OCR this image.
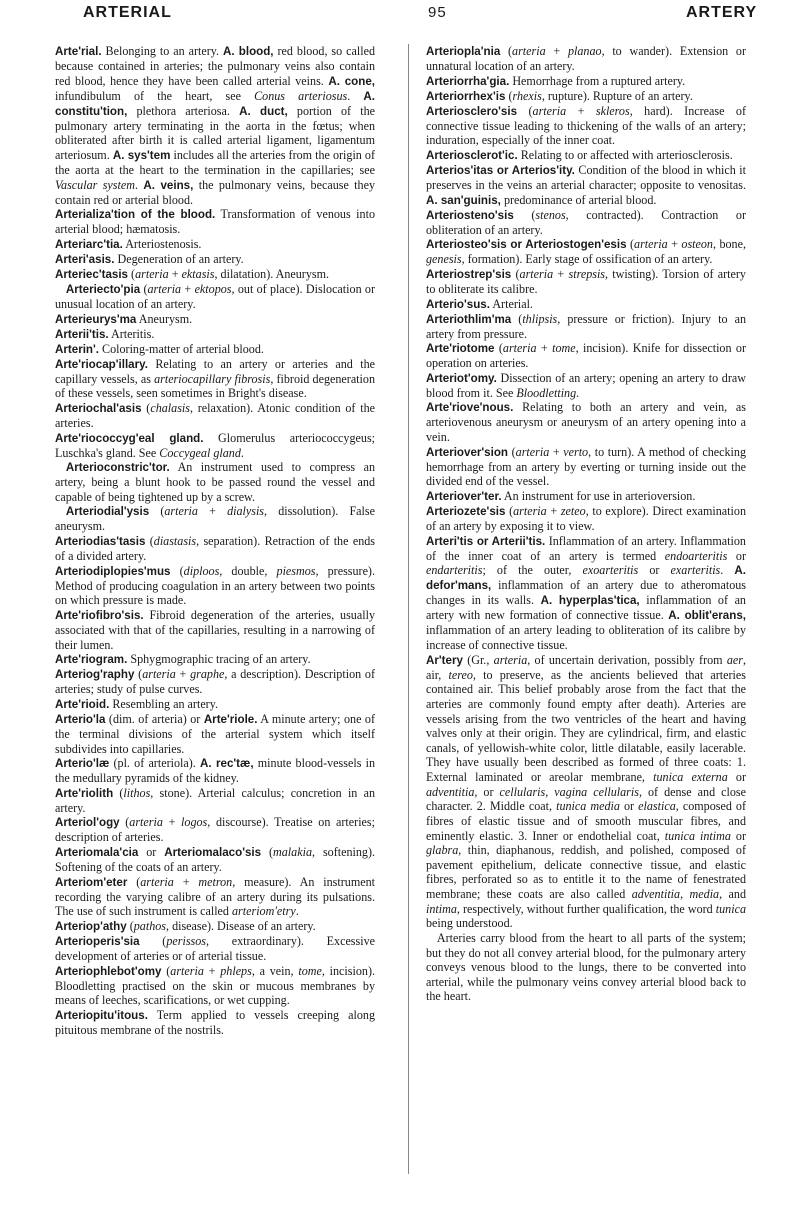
ARTERIAL	95	ARTERY

Arte'rial. Belonging to an artery. A. blood, red blood, so called because contained in arteries; the pulmonary veins also contain red blood, hence they have been called arterial veins. A. cone, infundibulum of the heart, see Conus arteriosus. A. constitu'tion, plethora arteriosa. A. duct, portion of the pulmonary artery terminating in the aorta in the fœtus; when obliterated after birth it is called arterial ligament, ligamentum arteriosum. A. sys'tem includes all the arteries from the origin of the aorta at the heart to the termination in the capillaries; see Vascular system. A. veins, the pulmonary veins, because they contain red or arterial blood.

Arterializa'tion of the blood. Transformation of venous into arterial blood; hæmatosis.

Arteriarc'tia. Arteriostenosis.

Arteri'asis. Degeneration of an artery.

Arteriec'tasis (arteria + ektasis, dilatation). Aneurysm.

Arteriecto'pia (arteria + ektopos, out of place). Dislocation or unusual location of an artery.

Arterieurys'ma Aneurysm.

Arterii'tis. Arteritis.

Arterin'. Coloring-matter of arterial blood.

Arte'riocap'illary. Relating to an artery or arteries and the capillary vessels, as arteriocapillary fibrosis, fibroid degeneration of these vessels, seen sometimes in Bright's disease.

Arteriochal'asis (chalasis, relaxation). Atonic condition of the arteries.

Arte'riococcyg'eal gland. Glomerulus arteriococcygeus; Luschka's gland. See Coccygeal gland.

Arterioconstric'tor. An instrument used to compress an artery, being a blunt hook to be passed round the vessel and capable of being tightened up by a screw.

Arteriodial'ysis (arteria + dialysis, dissolution). False aneurysm.

Arteriodias'tasis (diastasis, separation). Retraction of the ends of a divided artery.

Arteriodiplopies'mus (diploos, double, piesmos, pressure). Method of producing coagulation in an artery between two points on which pressure is made.

Arte'riofibro'sis. Fibroid degeneration of the arteries, usually associated with that of the capillaries, resulting in a narrowing of their lumen.

Arte'riogram. Sphygmographic tracing of an artery.

Arteriog'raphy (arteria + graphe, a description). Description of arteries; study of pulse curves.

Arte'rioid. Resembling an artery.

Arterio'la (dim. of arteria) or Arte'riole. A minute artery; one of the terminal divisions of the arterial system which itself subdivides into capillaries.

Arterio'læ (pl. of arteriola). A. rec'tæ, minute blood-vessels in the medullary pyramids of the kidney.

Arte'riolith (lithos, stone). Arterial calculus; concretion in an artery.

Arteriol'ogy (arteria + logos, discourse). Treatise on arteries; description of arteries.

Arteriomala'cia or Arteriomalaco'sis (malakia, softening). Softening of the coats of an artery.

Arteriom'eter (arteria + metron, measure). An instrument recording the varying calibre of an artery during its pulsations. The use of such instrument is called arteriom'etry.

Arteriop'athy (pathos, disease). Disease of an artery.

Arterioperis'sia (perissos, extraordinary). Excessive development of arteries or of arterial tissue.

Arteriophlebot'omy (arteria + phleps, a vein, tome, incision). Bloodletting practised on the skin or mucous membranes by means of leeches, scarifications, or wet cupping.

Arteriopitu'itous. Term applied to vessels creeping along pituitous membrane of the nostrils.

Arteriopla'nia (arteria + planao, to wander). Extension or unnatural location of an artery.

Arteriorrha'gia. Hemorrhage from a ruptured artery.

Arteriorrhex'is (rhexis, rupture). Rupture of an artery.

Arteriosclero'sis (arteria + skleros, hard). Increase of connective tissue leading to thickening of the walls of an artery; induration, especially of the inner coat.

Arteriosclerot'ic. Relating to or affected with arteriosclerosis.

Arterios'itas or Arterios'ity. Condition of the blood in which it preserves in the veins an arterial character; opposite to venositas. A. san'guinis, predominance of arterial blood.

Arteriosteno'sis (stenos, contracted). Contraction or obliteration of an artery.

Arteriosteo'sis or Arteriostogen'esis (arteria + osteon, bone, genesis, formation). Early stage of ossification of an artery.

Arteriostrep'sis (arteria + strepsis, twisting). Torsion of artery to obliterate its calibre.

Arterio'sus. Arterial.

Arteriothlim'ma (thlipsis, pressure or friction). Injury to an artery from pressure.

Arte'riotome (arteria + tome, incision). Knife for dissection or operation on arteries.

Arteriot'omy. Dissection of an artery; opening an artery to draw blood from it. See Bloodletting.

Arte'riove'nous. Relating to both an artery and vein, as arteriovenous aneurysm or aneurysm of an artery opening into a vein.

Arteriover'sion (arteria + verto, to turn). A method of checking hemorrhage from an artery by everting or turning inside out the divided end of the vessel.

Arteriover'ter. An instrument for use in arterioversion.

Arteriozete'sis (arteria + zeteo, to explore). Direct examination of an artery by exposing it to view.

Arteri'tis or Arterii'tis. Inflammation of an artery. Inflammation of the inner coat of an artery is termed endoarteritis or endarteritis; of the outer, exoarteritis or exarteritis. A. defor'mans, inflammation of an artery due to atheromatous changes in its walls. A. hyperplas'tica, inflammation of an artery with new formation of connective tissue. A. oblit'erans, inflammation of an artery leading to obliteration of its calibre by increase of connective tissue.

Ar'tery (Gr., arteria, of uncertain derivation, possibly from aer, air, tereo, to preserve, as the ancients believed that arteries contained air. This belief probably arose from the fact that the arteries are commonly found empty after death). Arteries are vessels arising from the two ventricles of the heart and having valves only at their origin. They are cylindrical, firm, and elastic canals, of yellowish-white color, little dilatable, easily lacerable. They have usually been described as formed of three coats: 1. External laminated or areolar membrane, tunica externa or adventitia, or cellularis, vagina cellularis, of dense and close character. 2. Middle coat, tunica media or elastica, composed of fibres of elastic tissue and of smooth muscular fibres, and eminently elastic. 3. Inner or endothelial coat, tunica intima or glabra, thin, diaphanous, reddish, and polished, composed of pavement epithelium, delicate connective tissue, and elastic fibres, perforated so as to entitle it to the name of fenestrated membrane; these coats are also called adventitia, media, and intima, respectively, without further qualification, the word tunica being understood.

Arteries carry blood from the heart to all parts of the system; but they do not all convey arterial blood, for the pulmonary artery conveys venous blood to the lungs, there to be converted into arterial, while the pulmonary veins convey arterial blood back to the heart.
